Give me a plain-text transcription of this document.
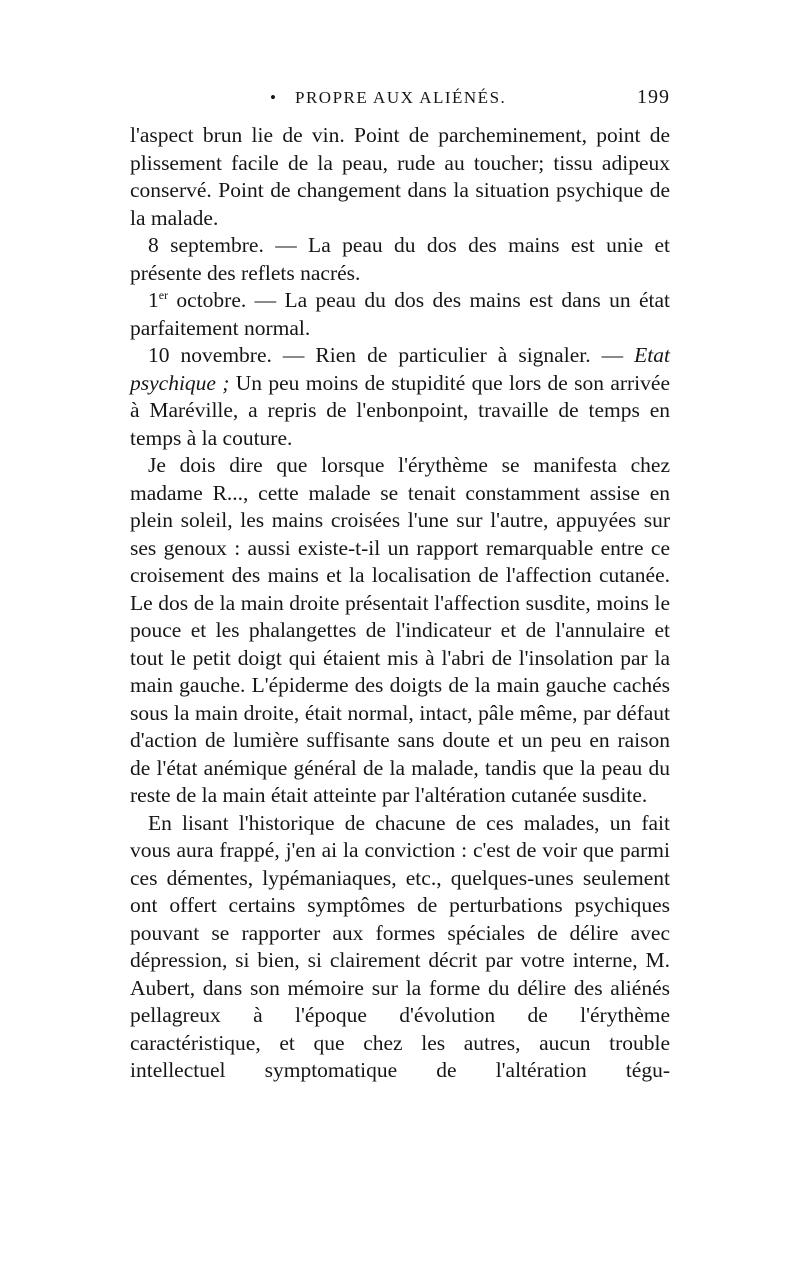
• PROPRE AUX ALIÉNÉS.	199

l'aspect brun lie de vin. Point de parcheminement, point de plissement facile de la peau, rude au toucher; tissu adipeux conservé. Point de changement dans la situation psychique de la malade.

8 septembre. — La peau du dos des mains est unie et présente des reflets nacrés.

1er octobre. — La peau du dos des mains est dans un état parfaitement normal.

10 novembre. — Rien de particulier à signaler. — Etat psychique ; Un peu moins de stupidité que lors de son arrivée à Maréville, a repris de l'enbonpoint, travaille de temps en temps à la couture.

Je dois dire que lorsque l'érythème se manifesta chez madame R..., cette malade se tenait constamment assise en plein soleil, les mains croisées l'une sur l'autre, appuyées sur ses genoux : aussi existe-t-il un rapport remarquable entre ce croisement des mains et la localisation de l'affection cutanée. Le dos de la main droite présentait l'affection susdite, moins le pouce et les phalangettes de l'indicateur et de l'annulaire et tout le petit doigt qui étaient mis à l'abri de l'insolation par la main gauche. L'épiderme des doigts de la main gauche cachés sous la main droite, était normal, intact, pâle même, par défaut d'action de lumière suffisante sans doute et un peu en raison de l'état anémique général de la malade, tandis que la peau du reste de la main était atteinte par l'altération cutanée susdite.

En lisant l'historique de chacune de ces malades, un fait vous aura frappé, j'en ai la conviction : c'est de voir que parmi ces démentes, lypémaniaques, etc., quelques-unes seulement ont offert certains symptômes de perturbations psychiques pouvant se rapporter aux formes spéciales de délire avec dépression, si bien, si clairement décrit par votre interne, M. Aubert, dans son mémoire sur la forme du délire des aliénés pellagreux à l'époque d'évolution de l'érythème caractéristique, et que chez les autres, aucun trouble intellectuel symptomatique de l'altération tégu-
